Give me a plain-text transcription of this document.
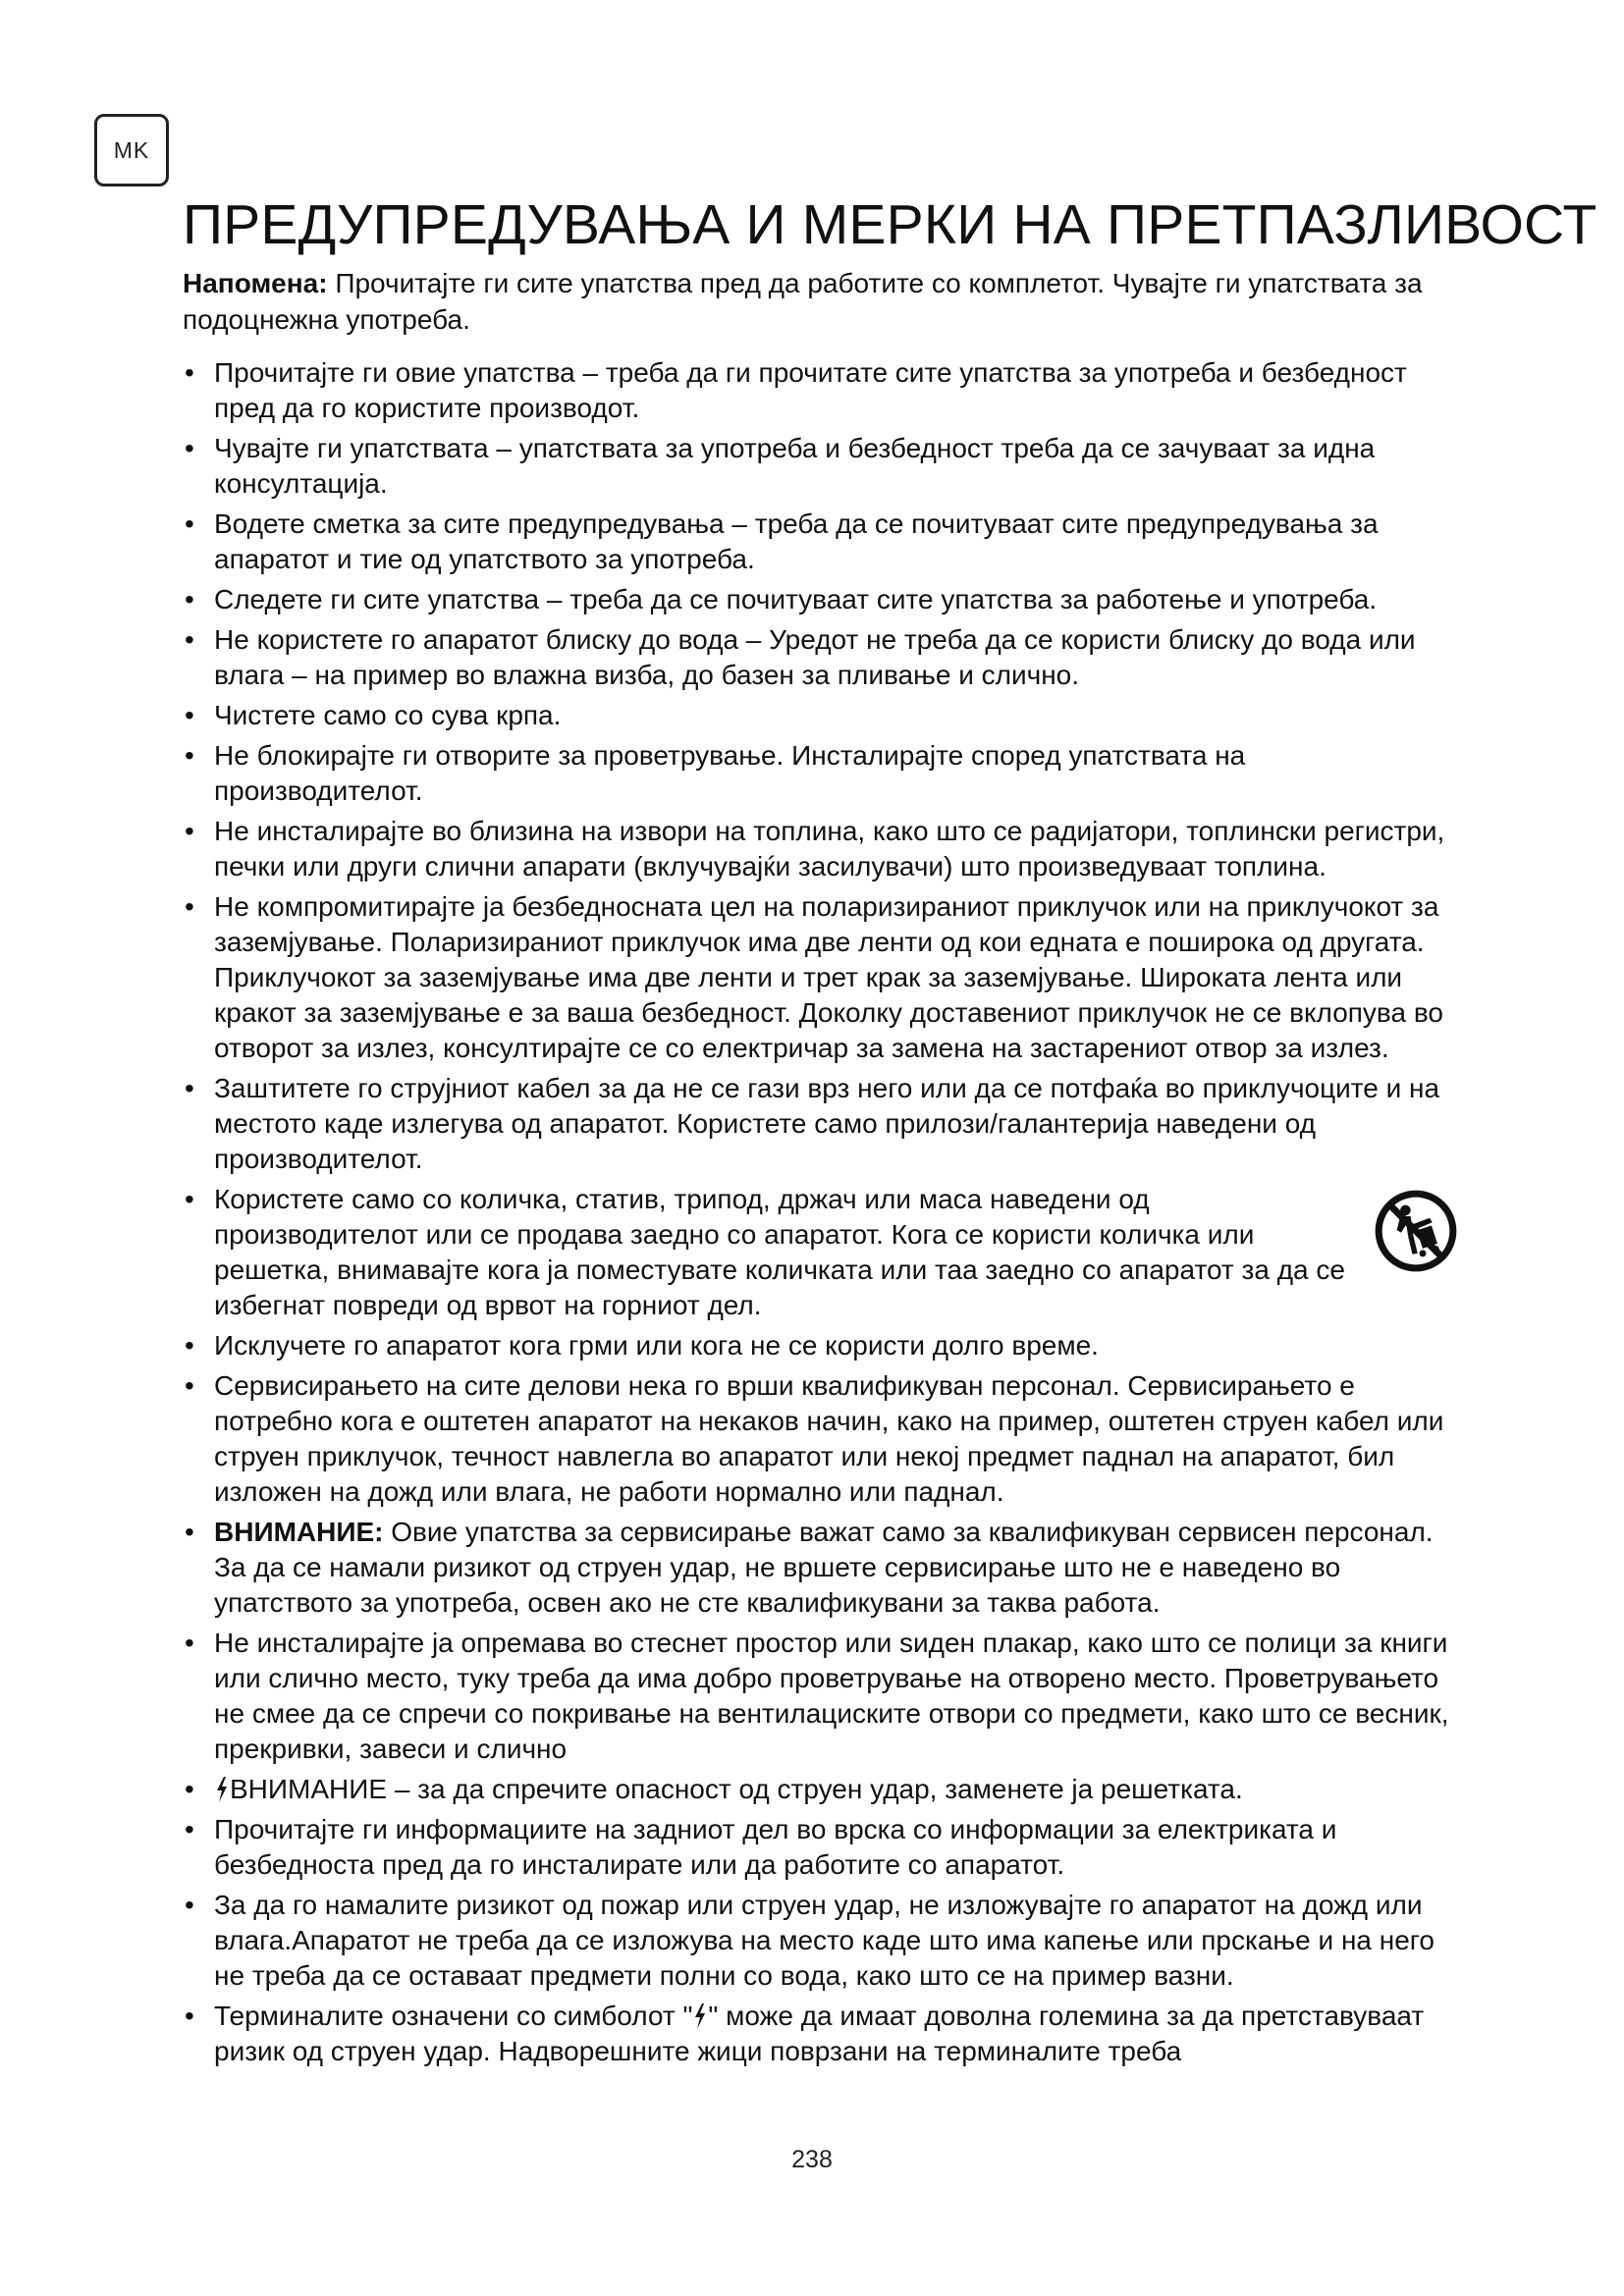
MK
ПРЕДУПРЕДУВАЊА И МЕРКИ НА ПРЕТПАЗЛИВОСТ

Напомена: Прочитајте ги сите упатства пред да работите со комплетот. Чувајте ги упатствата за подоцнежна употреба.

• Прочитајте ги овие упатства – треба да ги прочитате сите упатства за употреба и безбедност пред да го користите производот.
• Чувајте ги упатствата – упатствата за употреба и безбедност треба да се зачуваат за идна консултација.
• Водете сметка за сите предупредувања – треба да се почитуваат сите предупредувања за апаратот и тие од упатството за употреба.
• Следете ги сите упатства – треба да се почитуваат сите упатства за работење и употреба.
• Не користете го апаратот блиску до вода – Уредот не треба да се користи блиску до вода или влага – на пример во влажна визба, до базен за пливање и слично.
• Чистете само со сува крпа.
• Не блокирајте ги отворите за проветрување. Инсталирајте според упатствата на производителот.
• Не инсталирајте во близина на извори на топлина, како што се радијатори, топлински регистри, печки или други слични апарати (вклучувајќи засилувачи) што произведуваат топлина.
• Не компромитирајте ја безбедносната цел на поларизираниот приклучок или на приклучокот за заземјување. Поларизираниот приклучок има две ленти од кои едната е поширока од другата. Приклучокот за заземјување има две ленти и трет крак за заземјување. Широката лента или кракот за заземјување е за ваша безбедност. Доколку доставениот приклучок не се вклопува во отворот за излез, консултирајте се со електричар за замена на застарениот отвор за излез.
• Заштитете го струјниот кабел за да не се гази врз него или да се потфаќа во приклучоците и на местото каде излегува од апаратот. Користете само прилози/галантерија наведени од производителот.
• Користете само со количка, статив, трипод, држач или маса наведени од производителот или се продава заедно со апаратот. Кога се користи количка или решетка, внимавајте кога ја поместувате количката или таа заедно со апаратот за да се избегнат повреди од врвот на горниот дел.
• Исклучете го апаратот кога грми или кога не се користи долго време.
• Сервисирањето на сите делови нека го врши квалификуван персонал. Сервисирањето е потребно кога е оштетен апаратот на некаков начин, како на пример, оштетен струен кабел или струен приклучок, течност навлегла во апаратот или некој предмет паднал на апаратот, бил изложен на дожд или влага, не работи нормално или паднал.
• ВНИМАНИЕ: Овие упатства за сервисирање важат само за квалификуван сервисен персонал. За да се намали ризикот од струен удар, не вршете сервисирање што не е наведено во упатството за употреба, освен ако не сте квалификувани за таква работа.
• Не инсталирајте ја опремава во стеснет простор или ѕиден плакар, како што се полици за книги или слично место, туку треба да има добро проветрување на отворено место. Проветрувањето не смее да се спречи со покривање на вентилациските отвори со предмети, како што се весник, прекривки, завеси и слично
• ВНИМАНИЕ – за да спречите опасност од струен удар, заменете ја решетката.
• Прочитајте ги информациите на задниот дел во врска со информации за електриката и безбедноста пред да го инсталирате или да работите со апаратот.
• За да го намалите ризикот од пожар или струен удар, не изложувајте го апаратот на дожд или влага.Апаратот не треба да се изложува на место каде што има капење или прскање и на него не треба да се оставаат предмети полни со вода, како што се на пример вазни.
• Терминалите означени со симболот " " може да имаат доволна големина за да претставуваат ризик од струен удар. Надворешните жици поврзани на терминалите треба
238
